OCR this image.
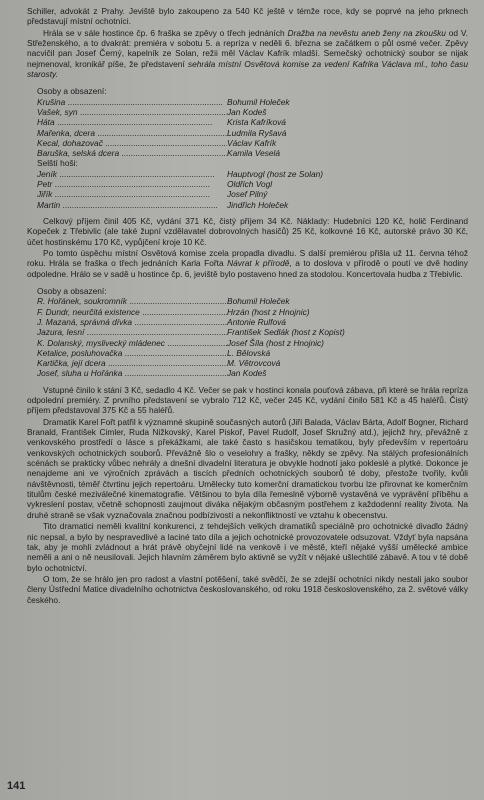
Schiller, advokát z Prahy. Jeviště bylo zakoupeno za 540 Kč ještě v témže roce, kdy se poprvé na jeho prknech představují místní ochotníci.

Hrála se v sále hostince čp. 6 fraška se zpěvy o třech jednáních Dražba na nevěstu aneb ženy na zkoušku od V. Střeženského, a to dvakrát: premiéra v sobotu 5. a repríza v neděli 6. března se začátkem o půl osmé večer. Zpěvy nacvičil pan Josef Černý, kapelník ze Solan, režii měl Václav Kafrík mladší. Semečský ochotnický soubor se nijak nejmenoval, kronikář píše, že představení sehrála místní Osvětová komise za vedení Kafrika Václava ml., toho času starosty.

Osoby a obsazení:
Krušina .....	Bohumil Holeček
Vašek, syn .....	Jan Kodeš
Háta .....	Krista Kafríková
Mařenka, dcera .....	Ludmila Ryšavá
Kecal, dohazovač .....	Václav Kafrík
Baruška, selská dcera .....	Kamila Veselá
Selští hoši:
Jeník .....	Hauptvogl (host ze Solan)
Petr .....	Oldřich Vogl
Jiřík .....	Josef Pilný
Martin .....	Jindřich Holeček

Celkový příjem činil 405 Kč, vydání 371 Kč, čistý příjem 34 Kč. Náklady: Hudebníci 120 Kč, holič Ferdinand Kopeček z Třebivlic (ale také župní vzdělavatel dobrovolných hasičů) 25 Kč, kolkovné 16 Kč, autorské právo 30 Kč, účet hostinskému 170 Kč, vypůjčení kroje 10 Kč.

Po tomto úspěchu místní Osvětová komise zcela propadla divadlu. S další premiérou přišla už 11. června téhož roku. Hrála se fraška o třech jednáních Karla Fořta Návrat k přírodě, a to doslova v přírodě o poutí ve dvě hodiny odpoledne. Hrálo se v sadě u hostince čp. 6, jeviště bylo postaveno hned za stodolou. Koncertovala hudba z Třebivlic.

Osoby a obsazení:
R. Hořánek, soukromník .....	Bohumil Holeček
F. Dundr, neurčitá existence .....	Hrzán (host z Hnojnic)
J. Mazaná, správná dívka .....	Antonie Rulfová
Jazura, lesní .....	František Sedlák (host z Kopist)
K. Dolanský, myslivecký mládenec .....	Josef Šíla (host z Hnojnic)
Ketalice, posluhovačka .....	L. Bělovská
Kartička, její dcera .....	M. Větrovcová
Josef, sluha u Hořánka .....	Jan Kodeš

Vstupné činilo k stání 3 Kč, sedadlo 4 Kč. Večer se pak v hostinci konala pouťová zábava, při které se hrála repríza odpolední premiéry. Z prvního představení se vybralo 712 Kč, večer 245 Kč, vydání činilo 581 Kč a 45 haléřů. Čistý příjem představoval 375 Kč a 55 haléřů.

Dramatik Karel Fořt patřil k významné skupině současných autorů (Jiří Balada, Václav Bárta, Adolf Bogner, Richard Branald, František Cimler, Ruda Nižkovský, Karel Piskoř, Pavel Rudolf, Josef Skružný atd.), jejichž hry, převážně z venkovského prostředí o lásce s překážkami, ale také často s hasičskou tematikou, byly především v repertoáru venkovských ochotnických souborů. Převážně šlo o veselohry a frašky, někdy se zpěvy. Na stálých profesionálních scénách se prakticky vůbec nehrály a dnešní divadelní literatura je obvykle hodnotí jako pokleslé a plytké. Dokonce je nenajdeme ani ve výročních zprávách a tiscích předních ochotnických souborů té doby, přestože tvořily, kvůli návštěvnosti, téměř čtvrtinu jejich repertoáru. Umělecky tuto komerční dramatickou tvorbu lze přirovnat ke komerčním titulům české meziválečné kinematografie. Většinou to byla díla řemeslně výborně vystavěná ve vyprávění příběhu a vykreslení postav, včetně schopnosti zaujmout diváka nějakým občasným postřehem z každodenní reality života. Na druhé straně se však vyznačovala značnou podbízivostí a nekonfliktností ve vztahu k obecenstvu.

Tito dramatici neměli kvalitní konkurenci, z tehdejších velkých dramatiků speciálně pro ochotnické divadlo žádný nic nepsal, a bylo by nespravedlivé a laciné tato díla a jejich ochotnické provozovatele odsuzovat. Vždyť byla napsána tak, aby je mohli zvládnout a hrát právě obyčejní lidé na venkově i ve městě, kteří nějaké vyšší umělecké ambice neměli a ani o ně neusilovali. Jejich hlavním záměrem bylo aktivně se vyžít v nějaké ušlechtilé zábavě. A tou v té době bylo ochotnictví.

O tom, že se hrálo jen pro radost a vlastní potěšení, také svědčí, že se zdejší ochotníci nikdy nestali jako soubor členy Ústřední Matice divadelního ochotnictva českoslovanského, od roku 1918 československého, za 2. světové války českého.

141
